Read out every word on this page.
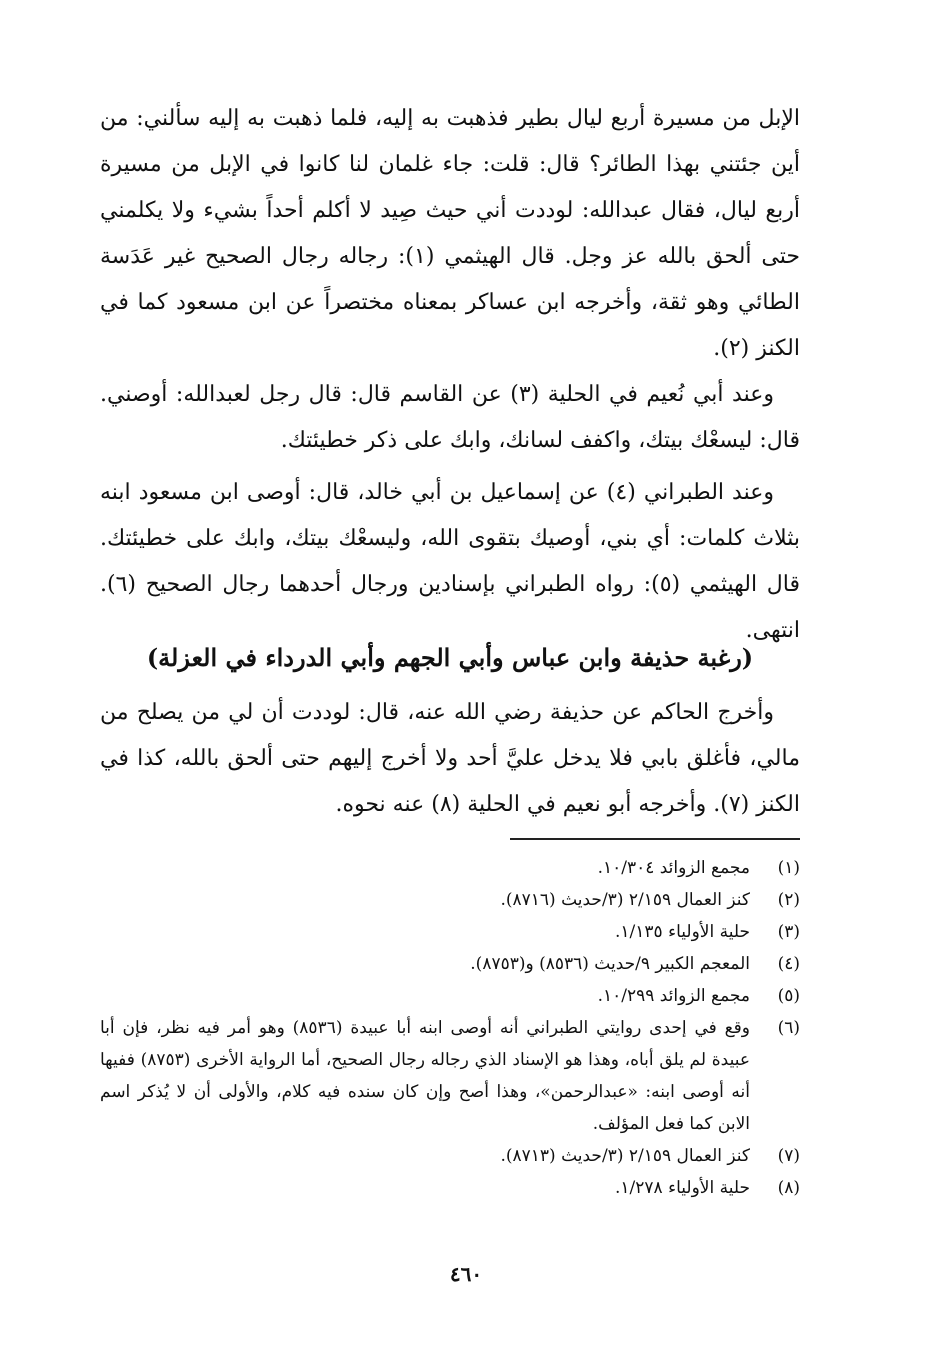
الإبل من مسيرة أربع ليال بطير فذهبت به إليه، فلما ذهبت به إليه سألني: من أين جئتني بهذا الطائر؟ قال: قلت: جاء غلمان لنا كانوا في الإبل من مسيرة أربع ليال، فقال عبدالله: لوددت أني حيث صِيد لا أكلم أحداً بشيء ولا يكلمني حتى ألحق بالله عز وجل. قال الهيثمي (١): رجاله رجال الصحيح غير عَدَسة الطائي وهو ثقة، وأخرجه ابن عساكر بمعناه مختصراً عن ابن مسعود كما في الكنز (٢).

وعند أبي نُعيم في الحلية (٣) عن القاسم قال: قال رجل لعبدالله: أوصني. قال: ليسعْك بيتك، واكفف لسانك، وابك على ذكر خطيئتك.

وعند الطبراني (٤) عن إسماعيل بن أبي خالد، قال: أوصى ابن مسعود ابنه بثلاث كلمات: أي بني، أوصيك بتقوى الله، وليسعْك بيتك، وابك على خطيئتك. قال الهيثمي (٥): رواه الطبراني بإسنادين ورجال أحدهما رجال الصحيح (٦). انتهى.

(رغبة حذيفة وابن عباس وأبي الجهم وأبي الدرداء في العزلة)

وأخرج الحاكم عن حذيفة رضي الله عنه، قال: لوددت أن لي من يصلح من مالي، فأغلق بابي فلا يدخل عليَّ أحد ولا أخرج إليهم حتى ألحق بالله، كذا في الكنز (٧). وأخرجه أبو نعيم في الحلية (٨) عنه نحوه.

(١)
مجمع الزوائد ١٠/٣٠٤.
(٢)
كنز العمال ٢/١٥٩ (٣/حديث (٨٧١٦).
(٣)
حلية الأولياء ١/١٣٥.
(٤)
المعجم الكبير ٩/حديث (٨٥٣٦) و(٨٧٥٣).
(٥)
مجمع الزوائد ١٠/٢٩٩.
(٦)
وقع في إحدى روايتي الطبراني أنه أوصى ابنه أبا عبيدة (٨٥٣٦) وهو أمر فيه نظر، فإن أبا عبيدة لم يلق أباه، وهذا هو الإسناد الذي رجاله رجال الصحيح، أما الرواية الأخرى (٨٧٥٣) ففيها أنه أوصى ابنه: «عبدالرحمن»، وهذا أصح وإن كان سنده فيه كلام، والأولى أن لا يُذكر اسم الابن كما فعل المؤلف.
(٧)
كنز العمال ٢/١٥٩ (٣/حديث (٨٧١٣).
(٨)
حلية الأولياء ١/٢٧٨.
٤٦٠
